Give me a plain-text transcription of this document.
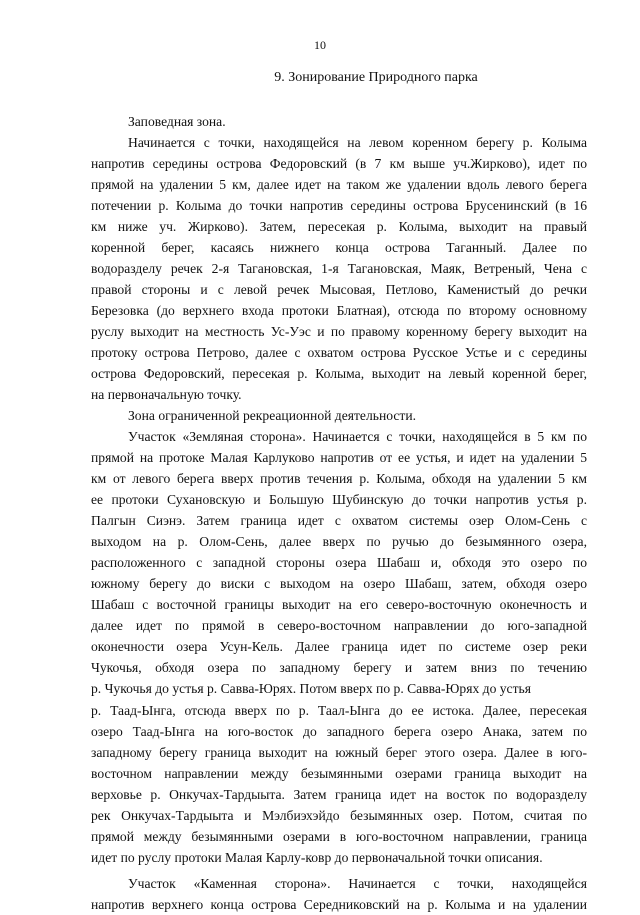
10
9. Зонирование Природного парка
Заповедная зона.
Начинается с точки, находящейся на левом коренном берегу р. Колыма
напротив середины острова Федоровский (в 7 км выше уч.Жирково), идет по
прямой на удалении 5 км, далее идет на таком же удалении вдоль левого берега
потечении р. Колыма до точки напротив середины острова Брусенинский (в 16
км ниже уч. Жирково). Затем, пересекая р. Колыма, выходит на правый
коренной берег, касаясь нижнего конца острова Таганный. Далее по
водоразделу речек 2-я Тагановская, 1-я Тагановская, Маяк, Ветреный, Чена с
правой стороны и с левой речек Мысовая, Петлово, Каменистый до речки
Березовка (до верхнего входа протоки Блатная), отсюда по второму основному
руслу выходит на местность Ус-Уэс и по правому коренному берегу выходит на
протоку острова Петрово, далее с охватом острова Русское Устье и с середины
острова Федоровский, пересекая р. Колыма, выходит на левый коренной берег,
на первоначальную точку.
Зона ограниченной рекреационной деятельности.
Участок «Земляная сторона». Начинается с точки, находящейся в 5 км по
прямой на протоке Малая Карлуково напротив от ее устья, и идет на удалении 5
км от левого берега вверх против течения р. Колыма, обходя на удалении 5 км
ее протоки Сухановскую и Большую Шубинскую до точки напротив устья р.
Палгын Сиэнэ. Затем граница идет с охватом системы озер Олом-Сень с
выходом на р. Олом-Сень, далее вверх по ручью до безымянного озера,
расположенного с западной стороны озера Шабаш и, обходя это озеро по
южному берегу до виски с выходом на озеро Шабаш, затем, обходя озеро
Шабаш с восточной границы выходит на его северо-восточную оконечность и
далее идет по прямой в северо-восточном направлении до юго-западной
оконечности озера Усун-Кель. Далее граница идет по системе озер реки
Чукочья, обходя озера по западному берегу и затем вниз по течению
р. Чукочья до устья р. Савва-Юрях. Потом вверх по р. Савва-Юрях до устья
р. Таад-Ынга, отсюда вверх по р. Таал-Ынга до ее истока. Далее, пересекая
озеро Таад-Ынга на юго-восток до западного берега озеро Анака, затем по
западному берегу граница выходит на южный берег этого озера. Далее в юго-
восточном направлении между безымянными озерами граница выходит на
верховье р. Онкучах-Тардыыта. Затем граница идет на восток по водоразделу
рек Онкучах-Тардыыта и Мэлбиэхэйдо безымянных озер. Потом, считая по
прямой между безымянными озерами в юго-восточном направлении, граница
идет по руслу протоки Малая Карлу-ковр до первоначальной точки описания.
Участок «Каменная сторона». Начинается с точки, находящейся
напротив верхнего конца острова Середниковский на р. Колыма и на удалении
